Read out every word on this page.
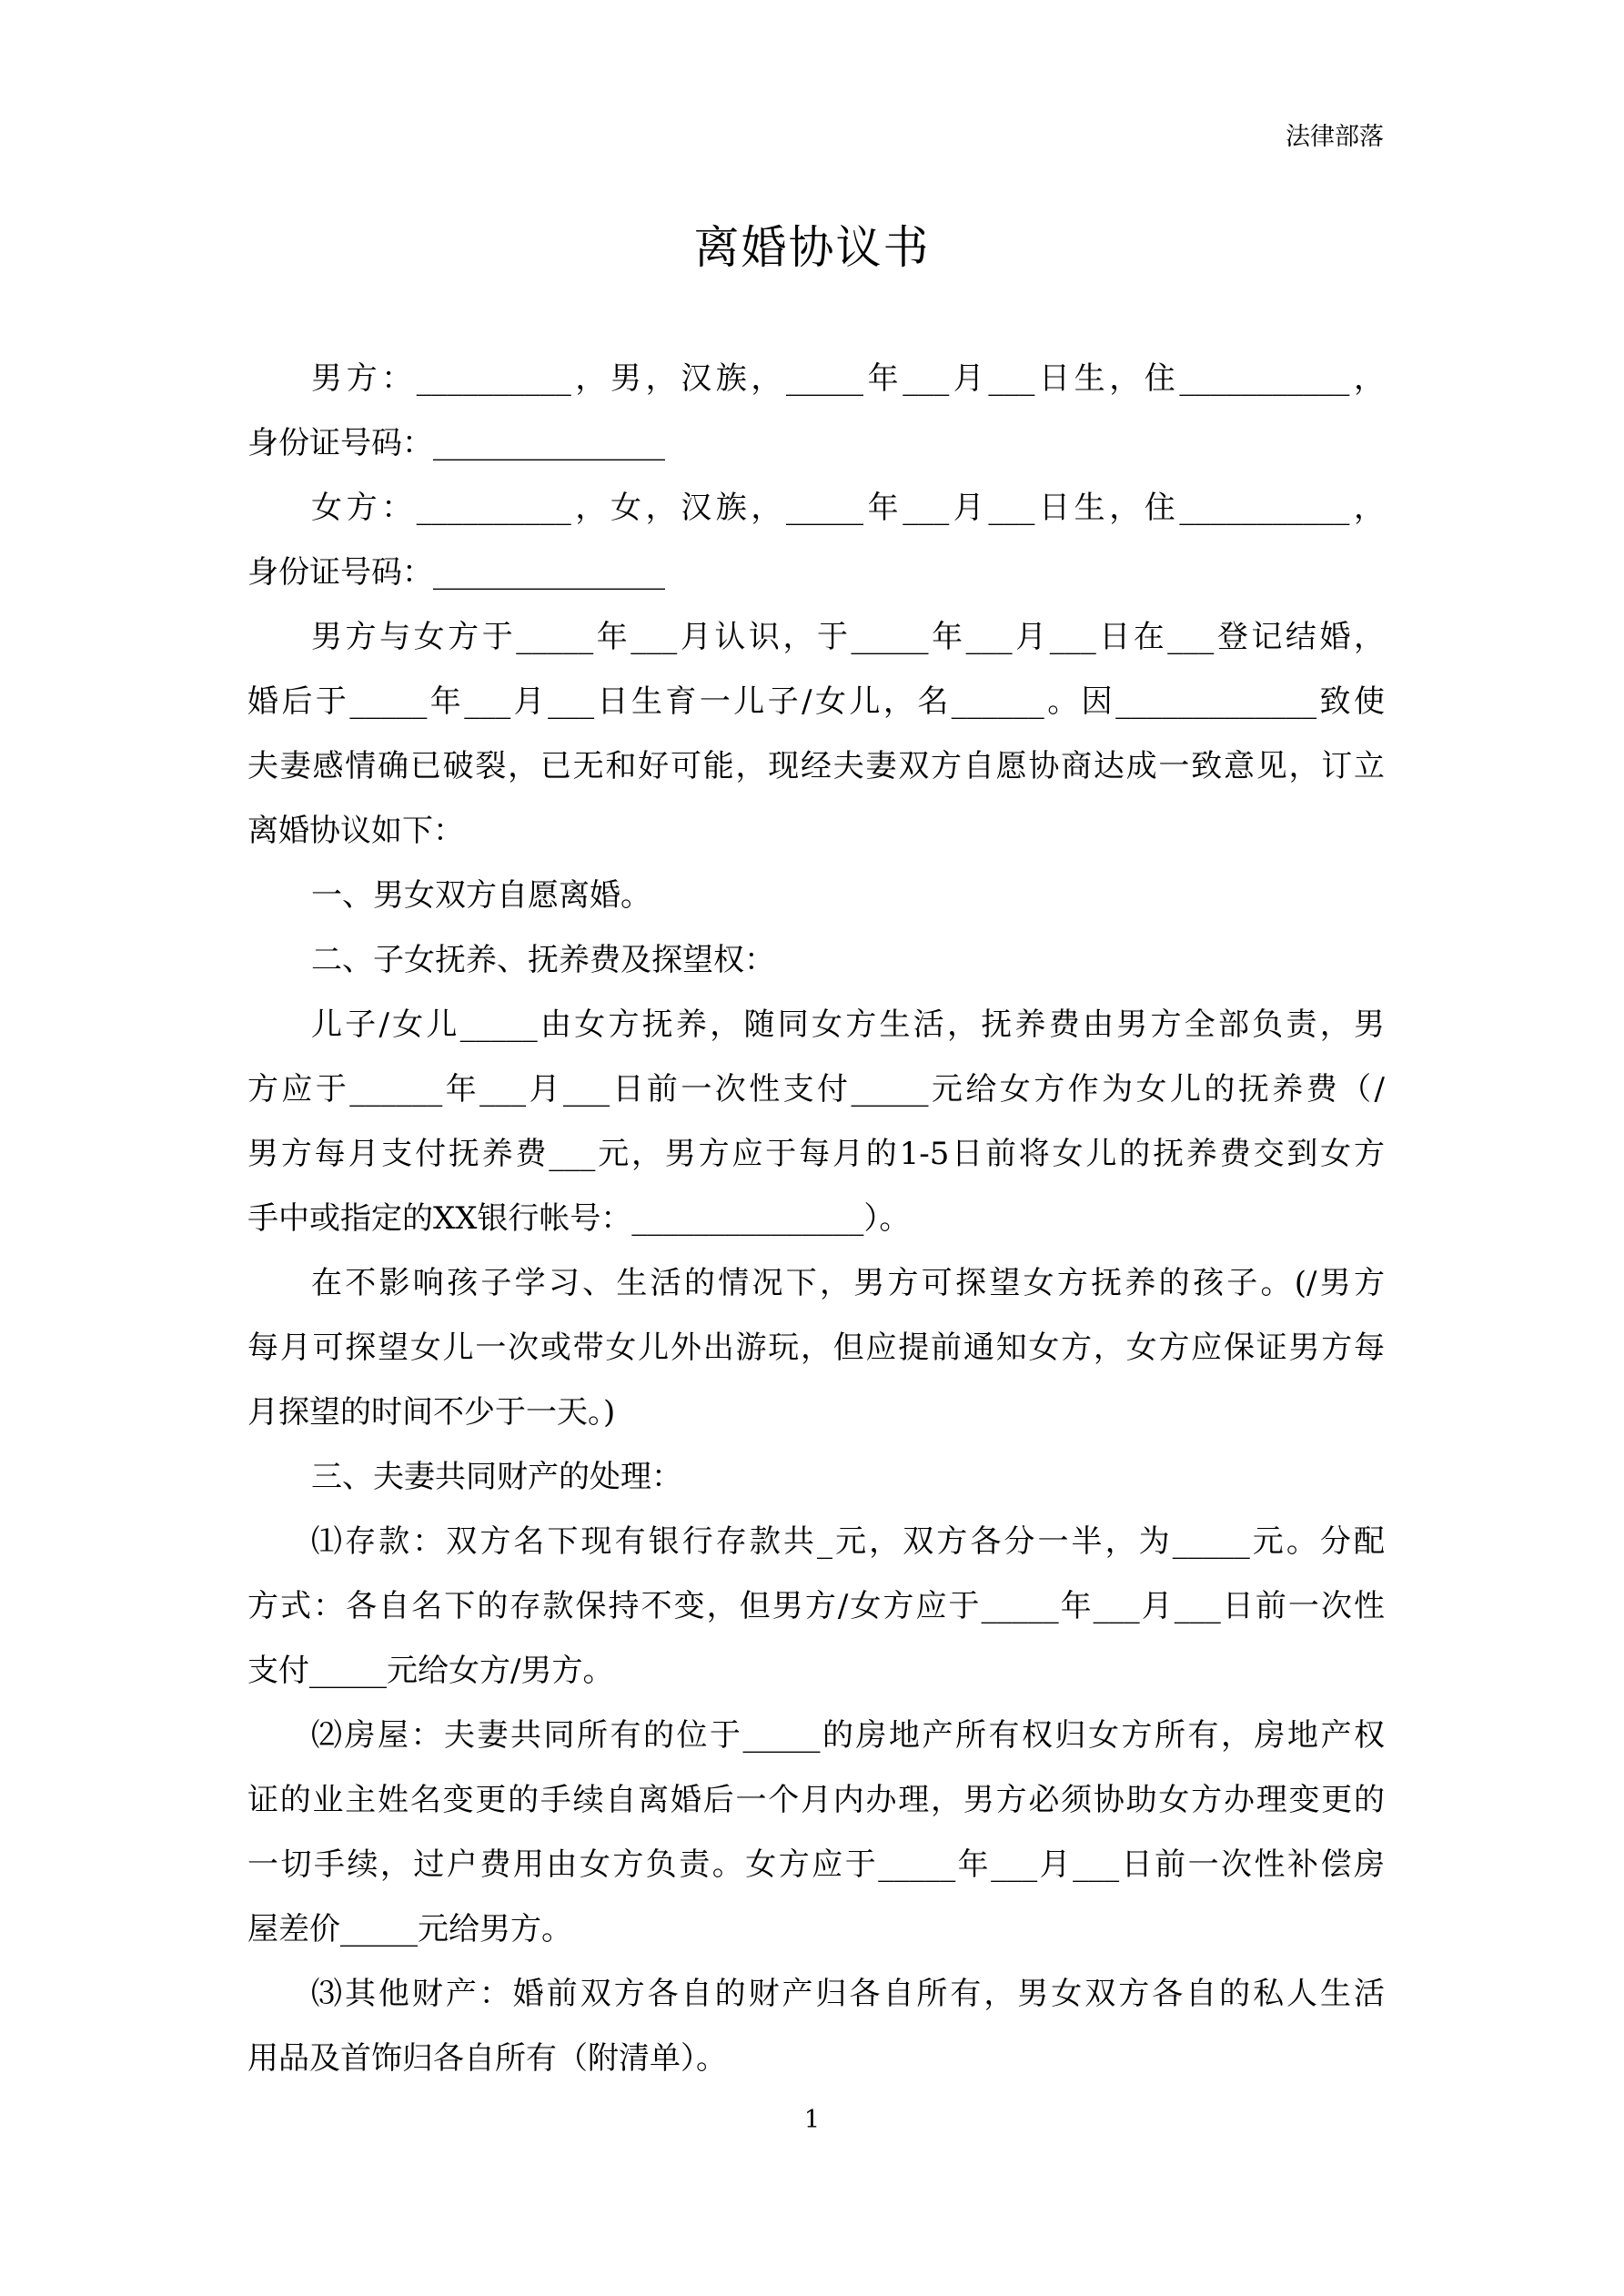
法律部落
离婚协议书
男方：__________，男，汉族，_____年___月___日生，住___________，
身份证号码：_______________
女方：__________，女，汉族，_____年___月___日生，住___________，
身份证号码：_______________
男方与女方于_____年___月认识，于_____年___月___日在___登记结婚，
婚后于_____年___月___日生育一儿子/女儿，名______。因_____________致使
夫妻感情确已破裂，已无和好可能，现经夫妻双方自愿协商达成一致意见，订立
离婚协议如下：
一、男女双方自愿离婚。
二、子女抚养、抚养费及探望权：
儿子/女儿_____由女方抚养，随同女方生活，抚养费由男方全部负责，男
方应于______年___月___日前一次性支付_____元给女方作为女儿的抚养费（/
男方每月支付抚养费___元，男方应于每月的1-5日前将女儿的抚养费交到女方
手中或指定的XX银行帐号：_______________）。
在不影响孩子学习、生活的情况下，男方可探望女方抚养的孩子。(/男方
每月可探望女儿一次或带女儿外出游玩，但应提前通知女方，女方应保证男方每
月探望的时间不少于一天。)
三、夫妻共同财产的处理：
⑴存款：双方名下现有银行存款共_元，双方各分一半，为_____元。分配
方式：各自名下的存款保持不变，但男方/女方应于_____年___月___日前一次性
支付_____元给女方/男方。
⑵房屋：夫妻共同所有的位于_____的房地产所有权归女方所有，房地产权
证的业主姓名变更的手续自离婚后一个月内办理，男方必须协助女方办理变更的
一切手续，过户费用由女方负责。女方应于_____年___月___日前一次性补偿房
屋差价_____元给男方。
⑶其他财产：婚前双方各自的财产归各自所有，男女双方各自的私人生活
用品及首饰归各自所有（附清单）。
1
